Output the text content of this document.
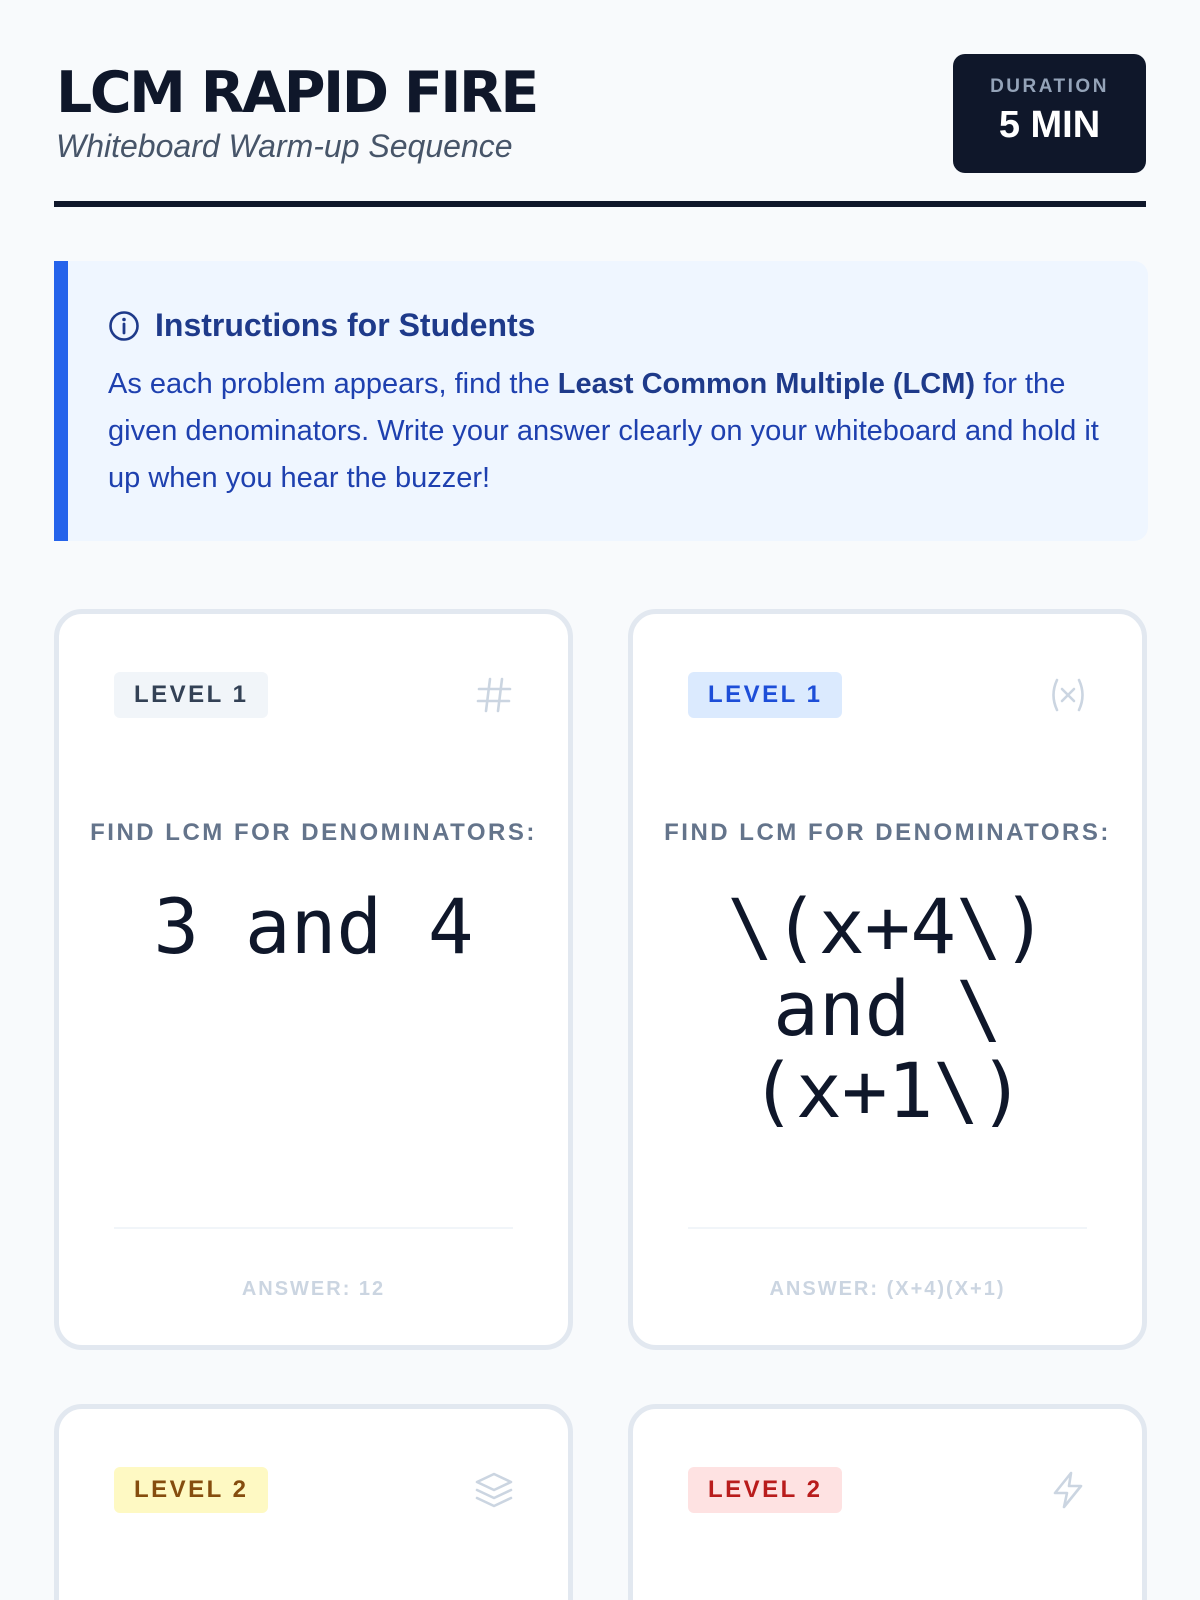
LCM RAPID FIRE
Whiteboard Warm-up Sequence
DURATION
5 MIN
Instructions for Students

As each problem appears, find the Least Common Multiple (LCM) for the given denominators. Write your answer clearly on your whiteboard and hold it up when you hear the buzzer!

LEVEL 1
FIND LCM FOR DENOMINATORS:
3 and 4
ANSWER: 12
LEVEL 1
FIND LCM FOR DENOMINATORS:
\(x+4\) and \(x+1\)
ANSWER: (X+4)(X+1)
LEVEL 2	LEVEL 2
